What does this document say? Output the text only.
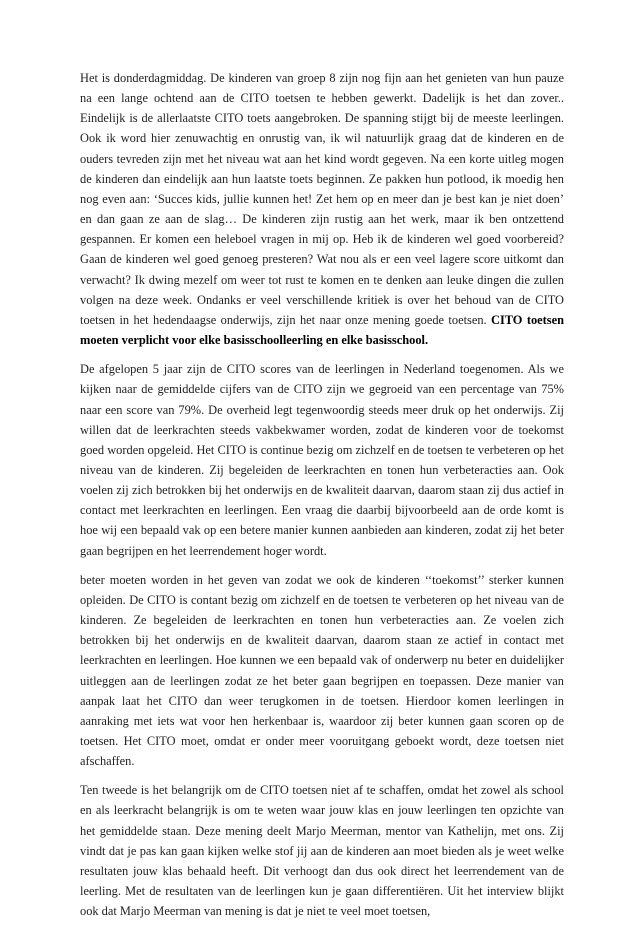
Het is donderdagmiddag. De kinderen van groep 8 zijn nog fijn aan het genieten van hun pauze na een lange ochtend aan de CITO toetsen te hebben gewerkt. Dadelijk is het dan zover.. Eindelijk is de allerlaatste CITO toets aangebroken. De spanning stijgt bij de meeste leerlingen. Ook ik word hier zenuwachtig en onrustig van, ik wil natuurlijk graag dat de kinderen en de ouders tevreden zijn met het niveau wat aan het kind wordt gegeven. Na een korte uitleg mogen de kinderen dan eindelijk aan hun laatste toets beginnen. Ze pakken hun potlood, ik moedig hen nog even aan: ‘Succes kids, jullie kunnen het! Zet hem op en meer dan je best kan je niet doen’ en dan gaan ze aan de slag… De kinderen zijn rustig aan het werk, maar ik ben ontzettend gespannen. Er komen een heleboel vragen in mij op. Heb ik de kinderen wel goed voorbereid? Gaan de kinderen wel goed genoeg presteren? Wat nou als er een veel lagere score uitkomt dan verwacht? Ik dwing mezelf om weer tot rust te komen en te denken aan leuke dingen die zullen volgen na deze week. Ondanks er veel verschillende kritiek is over het behoud van de CITO toetsen in het hedendaagse onderwijs, zijn het naar onze mening goede toetsen. CITO toetsen moeten verplicht voor elke basisschoolleerling en elke basisschool.

De afgelopen 5 jaar zijn de CITO scores van de leerlingen in Nederland toegenomen. Als we kijken naar de gemiddelde cijfers van de CITO zijn we gegroeid van een percentage van 75% naar een score van 79%. De overheid legt tegenwoordig steeds meer druk op het onderwijs. Zij willen dat de leerkrachten steeds vakbekwamer worden, zodat de kinderen voor de toekomst goed worden opgeleid. Het CITO is continue bezig om zichzelf en de toetsen te verbeteren op het niveau van de kinderen. Zij begeleiden de leerkrachten en tonen hun verbeteracties aan. Ook voelen zij zich betrokken bij het onderwijs en de kwaliteit daarvan, daarom staan zij dus actief in contact met leerkrachten en leerlingen. Een vraag die daarbij bijvoorbeeld aan de orde komt is hoe wij een bepaald vak op een betere manier kunnen aanbieden aan kinderen, zodat zij het beter gaan begrijpen en het leerrendement hoger wordt.

beter moeten worden in het geven van zodat we ook de kinderen ‘‘toekomst’’ sterker kunnen opleiden. De CITO is contant bezig om zichzelf en de toetsen te verbeteren op het niveau van de kinderen. Ze begeleiden de leerkrachten en tonen hun verbeteracties aan. Ze voelen zich betrokken bij het onderwijs en de kwaliteit daarvan, daarom staan ze actief in contact met leerkrachten en leerlingen. Hoe kunnen we een bepaald vak of onderwerp nu beter en duidelijker uitleggen aan de leerlingen zodat ze het beter gaan begrijpen en toepassen. Deze manier van aanpak laat het CITO dan weer terugkomen in de toetsen. Hierdoor komen leerlingen in aanraking met iets wat voor hen herkenbaar is, waardoor zij beter kunnen gaan scoren op de toetsen. Het CITO moet, omdat er onder meer vooruitgang geboekt wordt, deze toetsen niet afschaffen.

Ten tweede is het belangrijk om de CITO toetsen niet af te schaffen, omdat het zowel als school en als leerkracht belangrijk is om te weten waar jouw klas en jouw leerlingen ten opzichte van het gemiddelde staan. Deze mening deelt Marjo Meerman, mentor van Kathelijn, met ons. Zij vindt dat je pas kan gaan kijken welke stof jij aan de kinderen aan moet bieden als je weet welke resultaten jouw klas behaald heeft. Dit verhoogt dan dus ook direct het leerrendement van de leerling. Met de resultaten van de leerlingen kun je gaan differentiëren. Uit het interview blijkt ook dat Marjo Meerman van mening is dat je niet te veel moet toetsen,
